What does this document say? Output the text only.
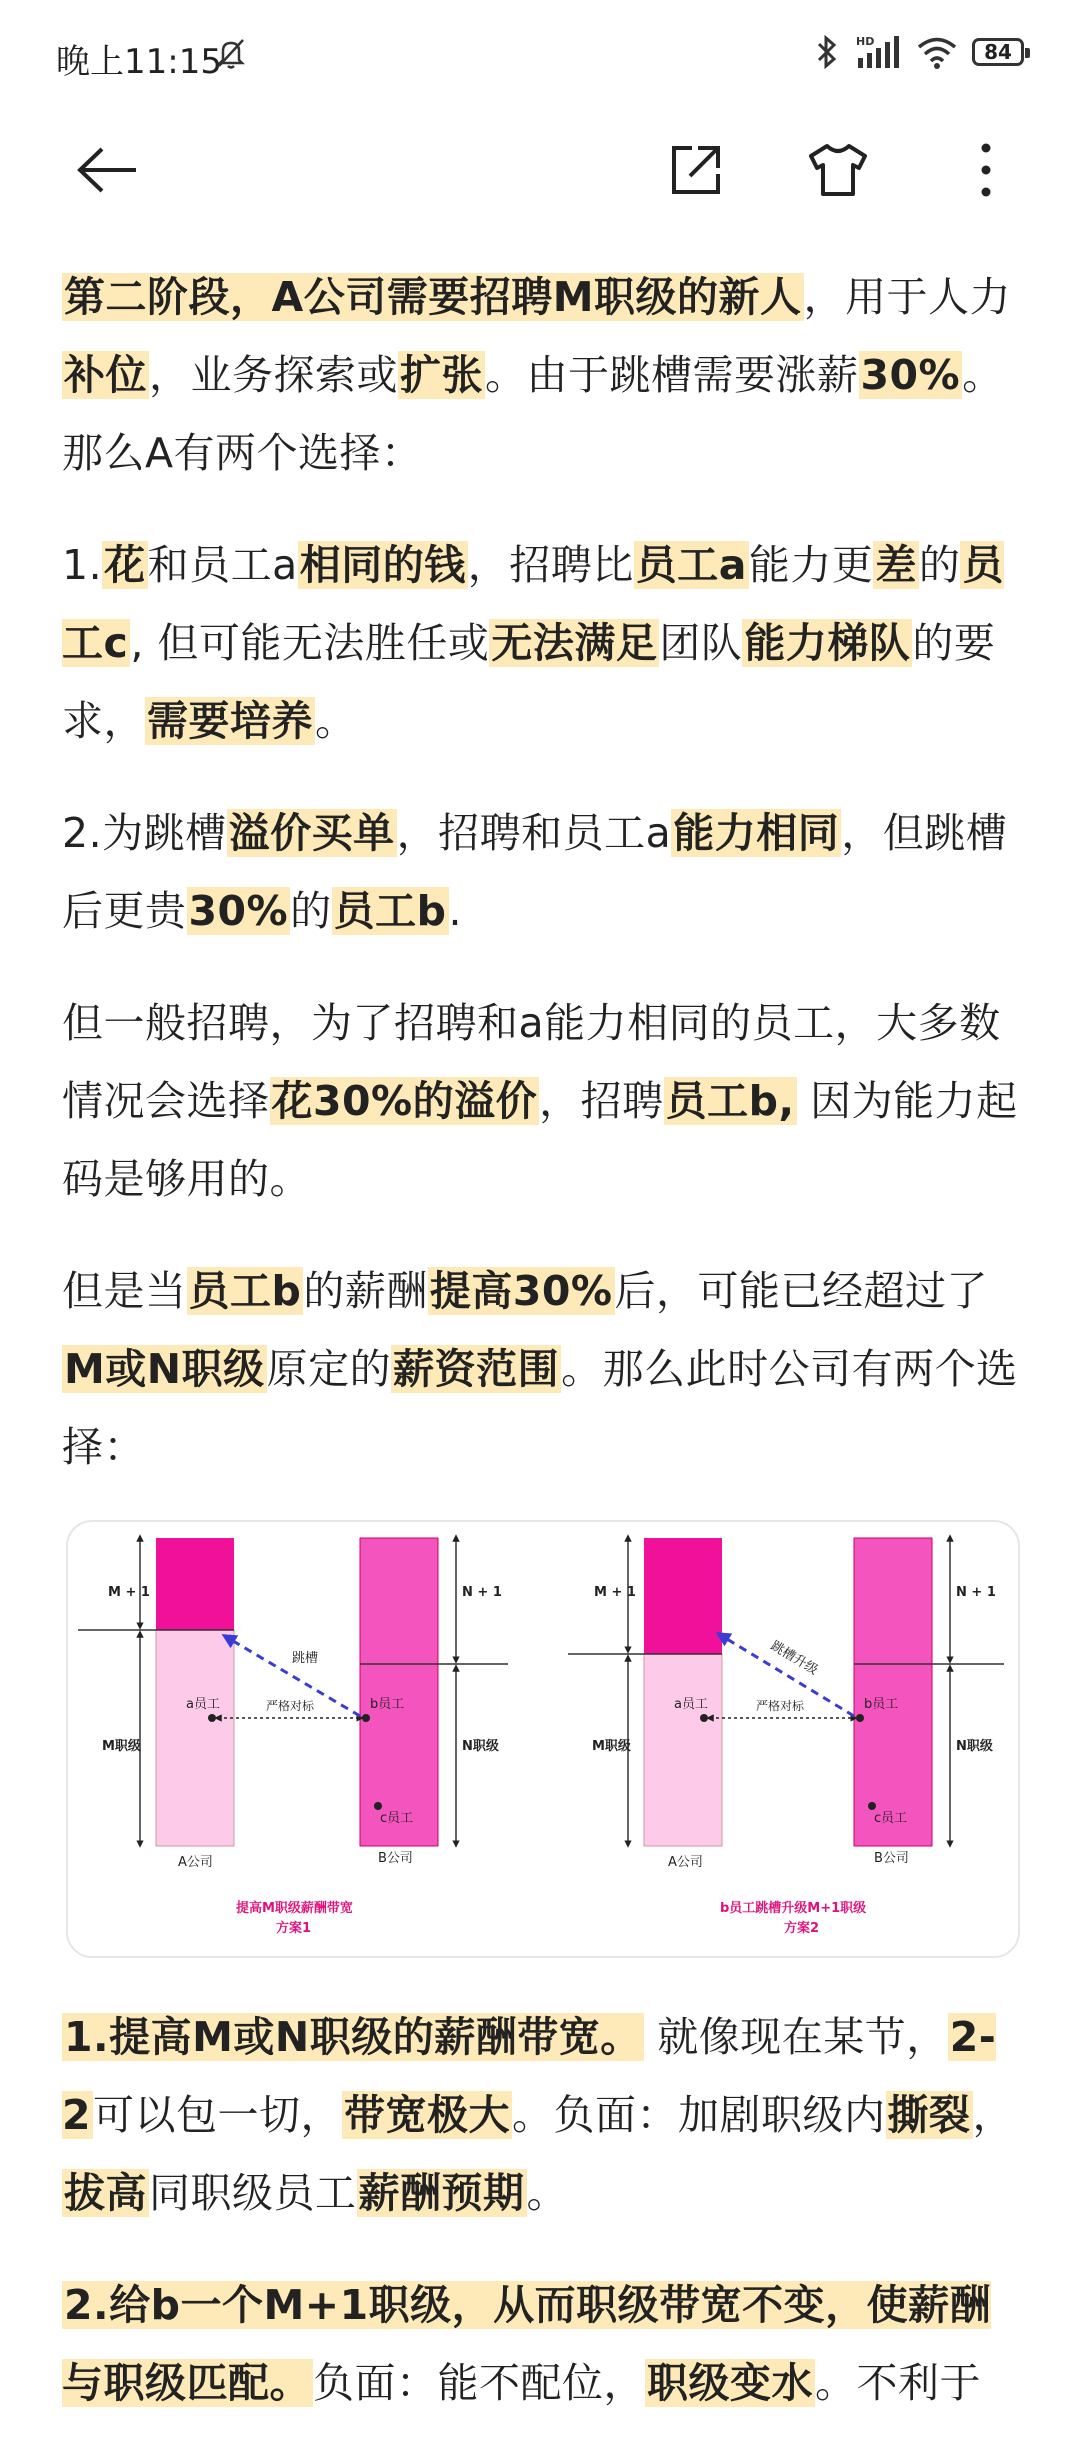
晚上11:15
HD	84

第二阶段，A公司需要招聘M职级的新人，用于人力补位，业务探索或扩张。由于跳槽需要涨薪30%。那么A有两个选择：

1.花和员工a相同的钱，招聘比员工a能力更差的员工c, 但可能无法胜任或无法满足团队能力梯队的要求，需要培养。

2.为跳槽溢价买单，招聘和员工a能力相同，但跳槽后更贵30%的员工b.

但一般招聘，为了招聘和a能力相同的员工，大多数情况会选择花30%的溢价，招聘员工b, 因为能力起码是够用的。

但是当员工b的薪酬提高30%后，可能已经超过了M或N职级原定的薪资范围。那么此时公司有两个选择：

M + 1
M职级
N + 1
N职级
a员工	b员工
c员工
严格对标
跳槽
A公司	B公司
提高M职级薪酬带宽
方案1
M + 1
M职级
N + 1
N职级
a员工	b员工
c员工
严格对标
跳槽升级
A公司	B公司
b员工跳槽升级M+1职级
方案2

1.提高M或N职级的薪酬带宽。 就像现在某节，2-2可以包一切，带宽极大。负面：加剧职级内撕裂，拔高同职级员工薪酬预期。

2.给b一个M+1职级，从而职级带宽不变，使薪酬与职级匹配。负面：能不配位，职级变水。不利于
